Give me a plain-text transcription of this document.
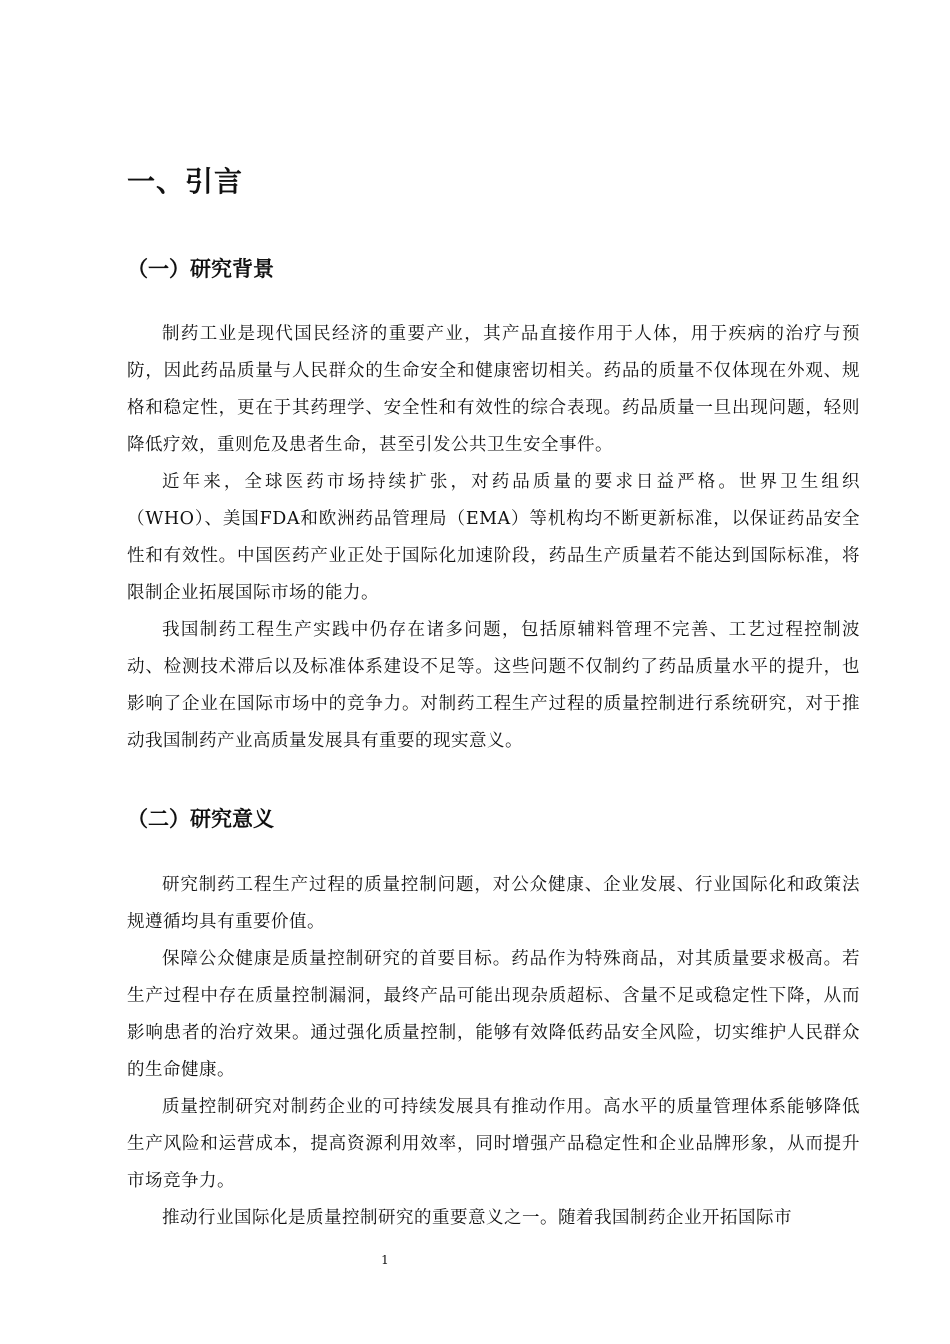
一、引言
（一）研究背景

制药工业是现代国民经济的重要产业，其产品直接作用于人体，用于疾病的治疗与预防，因此药品质量与人民群众的生命安全和健康密切相关。药品的质量不仅体现在外观、规格和稳定性，更在于其药理学、安全性和有效性的综合表现。药品质量一旦出现问题，轻则降低疗效，重则危及患者生命，甚至引发公共卫生安全事件。

近年来，全球医药市场持续扩张，对药品质量的要求日益严格。世界卫生组织（WHO）、美国FDA和欧洲药品管理局（EMA）等机构均不断更新标准，以保证药品安全性和有效性。中国医药产业正处于国际化加速阶段，药品生产质量若不能达到国际标准，将限制企业拓展国际市场的能力。

我国制药工程生产实践中仍存在诸多问题，包括原辅料管理不完善、工艺过程控制波动、检测技术滞后以及标准体系建设不足等。这些问题不仅制约了药品质量水平的提升，也影响了企业在国际市场中的竞争力。对制药工程生产过程的质量控制进行系统研究，对于推动我国制药产业高质量发展具有重要的现实意义。

（二）研究意义

研究制药工程生产过程的质量控制问题，对公众健康、企业发展、行业国际化和政策法规遵循均具有重要价值。

保障公众健康是质量控制研究的首要目标。药品作为特殊商品，对其质量要求极高。若生产过程中存在质量控制漏洞，最终产品可能出现杂质超标、含量不足或稳定性下降，从而影响患者的治疗效果。通过强化质量控制，能够有效降低药品安全风险，切实维护人民群众的生命健康。

质量控制研究对制药企业的可持续发展具有推动作用。高水平的质量管理体系能够降低生产风险和运营成本，提高资源利用效率，同时增强产品稳定性和企业品牌形象，从而提升市场竞争力。

推动行业国际化是质量控制研究的重要意义之一。随着我国制药企业开拓国际市

1
